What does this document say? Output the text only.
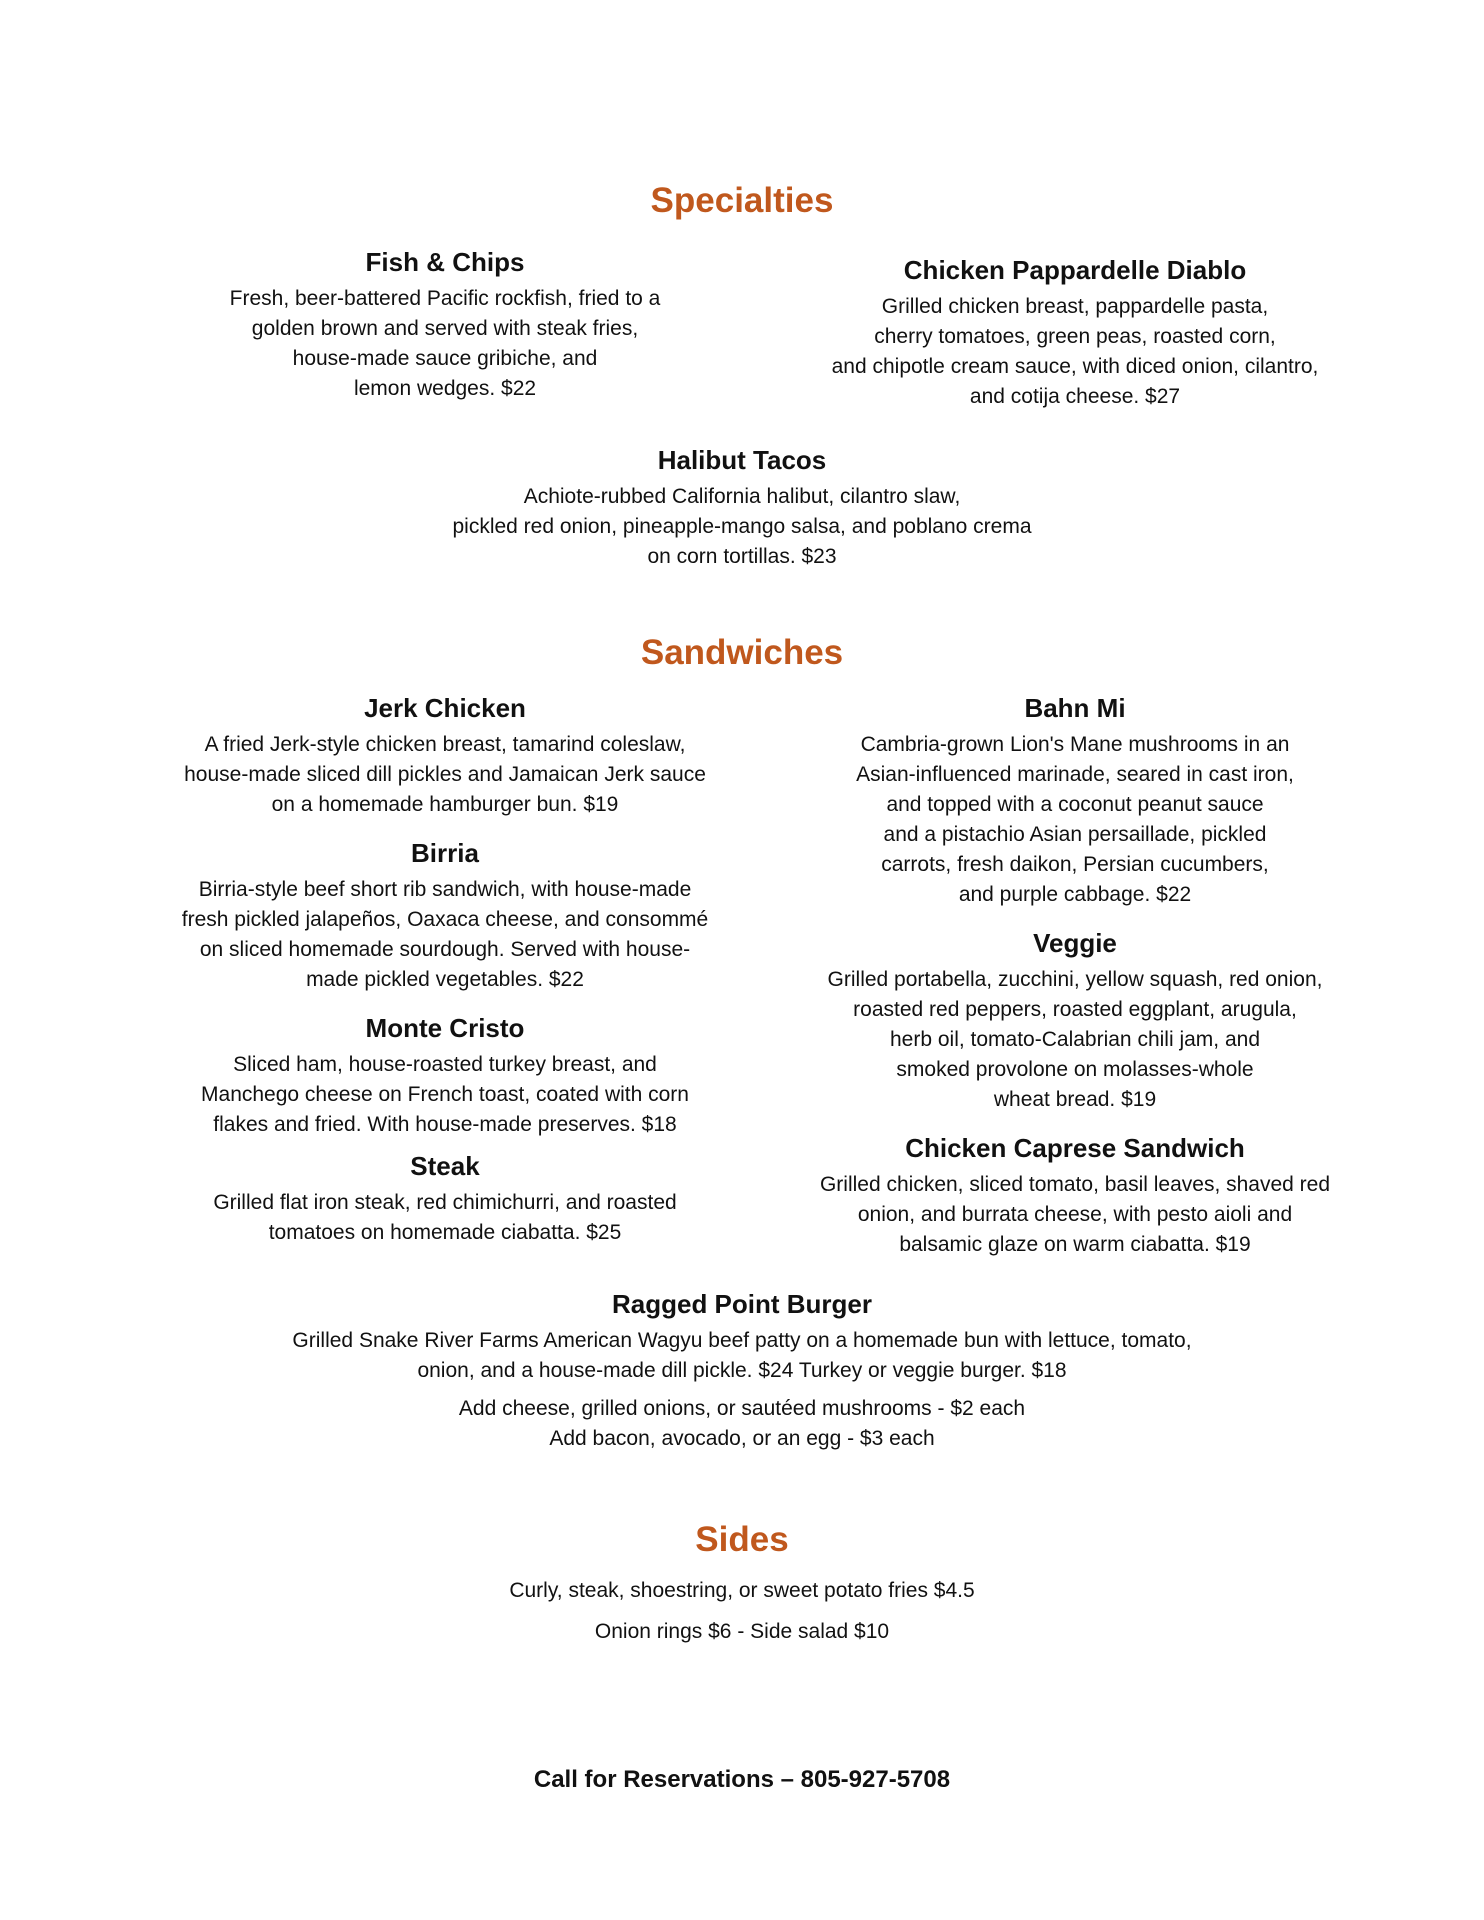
Specialties
Fish & Chips

Fresh, beer-battered Pacific rockfish, fried to a
golden brown and served with steak fries,
house-made sauce gribiche, and
lemon wedges. $22

Chicken Pappardelle Diablo

Grilled chicken breast, pappardelle pasta,
cherry tomatoes, green peas, roasted corn,
and chipotle cream sauce, with diced onion, cilantro,
and cotija cheese. $27

Halibut Tacos

Achiote-rubbed California halibut, cilantro slaw,
pickled red onion, pineapple-mango salsa, and poblano crema
on corn tortillas. $23

Sandwiches
Jerk Chicken

A fried Jerk-style chicken breast, tamarind coleslaw,
house-made sliced dill pickles and Jamaican Jerk sauce
on a homemade hamburger bun. $19

Birria

Birria-style beef short rib sandwich, with house-made
fresh pickled jalapeños, Oaxaca cheese, and consommé
on sliced homemade sourdough. Served with house-
made pickled vegetables. $22

Monte Cristo

Sliced ham, house-roasted turkey breast, and
Manchego cheese on French toast, coated with corn
flakes and fried. With house-made preserves. $18

Steak

Grilled flat iron steak, red chimichurri, and roasted
tomatoes on homemade ciabatta. $25

Bahn Mi

Cambria-grown Lion's Mane mushrooms in an
Asian-influenced marinade, seared in cast iron,
and topped with a coconut peanut sauce
and a pistachio Asian persaillade, pickled
carrots, fresh daikon, Persian cucumbers,
and purple cabbage. $22

Veggie

Grilled portabella, zucchini, yellow squash, red onion,
roasted red peppers, roasted eggplant, arugula,
herb oil, tomato-Calabrian chili jam, and
smoked provolone on molasses-whole
wheat bread. $19

Chicken Caprese Sandwich

Grilled chicken, sliced tomato, basil leaves, shaved red
onion, and burrata cheese, with pesto aioli and
balsamic glaze on warm ciabatta. $19

Ragged Point Burger

Grilled Snake River Farms American Wagyu beef patty on a homemade bun with lettuce, tomato,
onion, and a house-made dill pickle. $24 Turkey or veggie burger. $18

Add cheese, grilled onions, or sautéed mushrooms - $2 each
Add bacon, avocado, or an egg - $3 each
Sides
Curly, steak, shoestring, or sweet potato fries $4.5
Onion rings $6 - Side salad $10
Call for Reservations – 805-927-5708
